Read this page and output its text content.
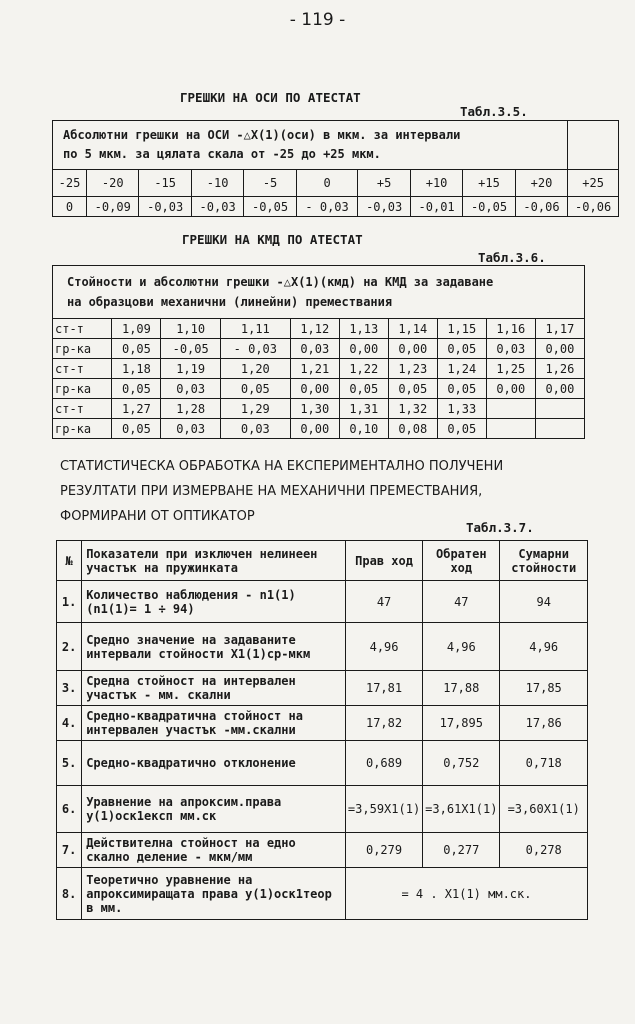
- 119 -
ГРЕШКИ НА ОСИ ПО АТЕСТАТ
Табл.3.5.
Абсолютни грешки на ОСИ -△X(1)(оси) в мкм. за интервали
по 5 мкм. за цялата скала от -25 до +25 мкм.										

-25	-20	-15	-10	-5	0	+5	+10	+15	+20	+25
0	-0,09	-0,03	-0,03	-0,05	- 0,03	-0,03	-0,01	-0,05	-0,06	-0,06
ГРЕШКИ НА КМД ПО АТЕСТАТ
Табл.3.6.
Стойности и абсолютни грешки -△X(1)(кмд) на КМД за задаване
на образцови механични (линейни) премествания									

ст-т	1,09	1,10	1,11	1,12	1,13	1,14	1,15	1,16	1,17
гр-ка	0,05	-0,05	- 0,03	0,03	0,00	0,00	0,05	0,03	0,00
ст-т	1,18	1,19	1,20	1,21	1,22	1,23	1,24	1,25	1,26
гр-ка	0,05	0,03	0,05	0,00	0,05	0,05	0,05	0,00	0,00
ст-т	1,27	1,28	1,29	1,30	1,31	1,32	1,33		
гр-ка	0,05	0,03	0,03	0,00	0,10	0,08	0,05		
СТАТИСТИЧЕСКА ОБРАБОТКА НА ЕКСПЕРИМЕНТАЛНО ПОЛУЧЕНИ
РЕЗУЛТАТИ ПРИ ИЗМЕРВАНЕ НА МЕХАНИЧНИ ПРЕМЕСТВАНИЯ,
ФОРМИРАНИ ОТ ОПТИКАТОР
Табл.3.7.
№	Показатели при изключен нелинеен участък на пружинката	Прав ход	Обратен ход	Сумарни стойности
1.	Количество наблюдения - n1(1)(n1(1)= 1 ÷ 94)	47	47	94
2.	Средно значение на задаваните интервали стойности X1(1)ср-мкм	4,96	4,96	4,96
3.	Средна стойност на интервален участък - мм. скални	17,81	17,88	17,85
4.	Средно-квадратична стойност на интервален участък -мм.скални	17,82	17,895	17,86
5.	Средно-квадратично отклонение	0,689	0,752	0,718
6.	Уравнение на апроксим.права y(1)оск1експ мм.ск	=3,59X1(1)	=3,61X1(1)	=3,60X1(1)
7.	Действителна стойност на едно скално деление - мкм/мм	0,279	0,277	0,278
8.	Теоретично уравнение на апроксимиращата права y(1)оск1теор в мм.	= 4 . X1(1) мм.ск.		
